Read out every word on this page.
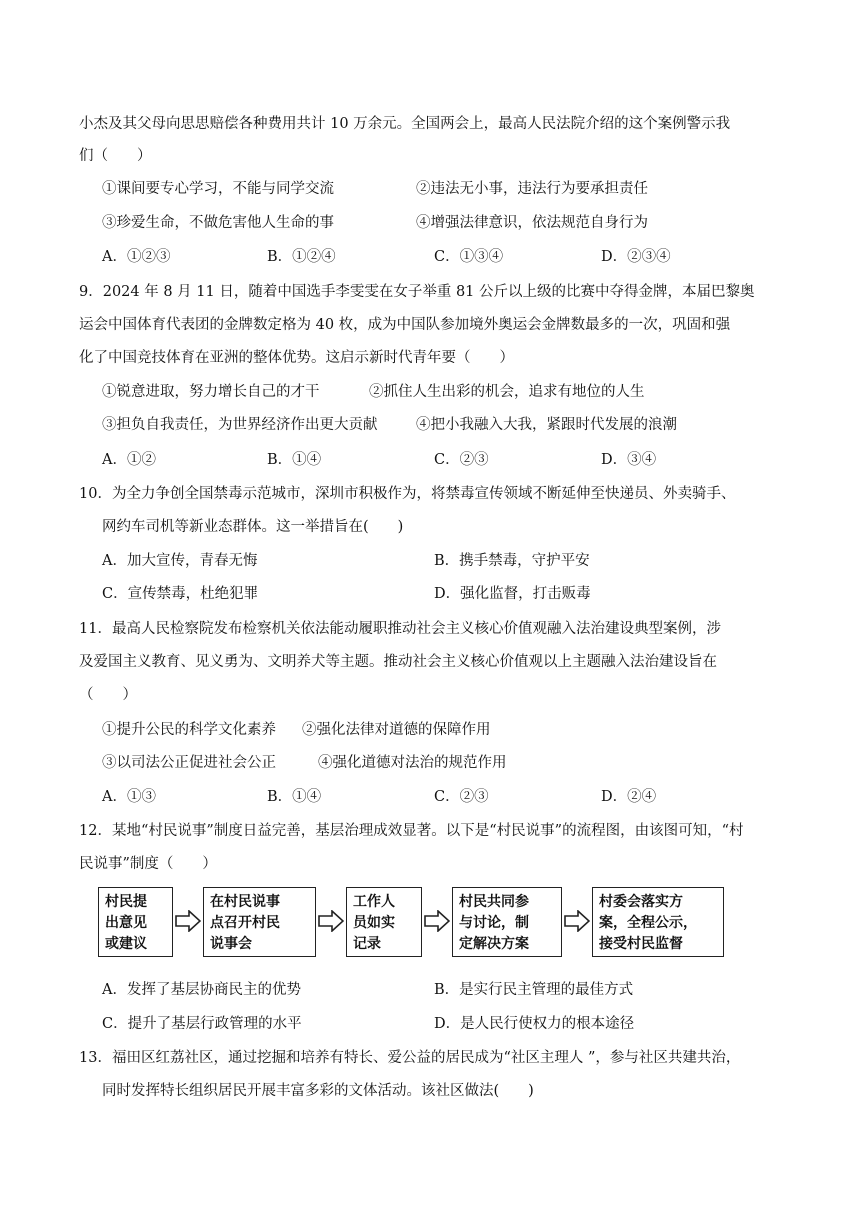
小杰及其父母向思思赔偿各种费用共计 10 万余元。全国两会上，最高人民法院介绍的这个案例警示我
们（　　）
①课间要专心学习，不能与同学交流	②违法无小事，违法行为要承担责任
③珍爱生命，不做危害他人生命的事	④增强法律意识，依法规范自身行为
A．①②③	B．①②④	C．①③④	D．②③④
9．2024 年 8 月 11 日，随着中国选手李雯雯在女子举重 81 公斤以上级的比赛中夺得金牌，本届巴黎奥
运会中国体育代表团的金牌数定格为 40 枚，成为中国队参加境外奥运会金牌数最多的一次，巩固和强
化了中国竞技体育在亚洲的整体优势。这启示新时代青年要（　　）
①锐意进取，努力增长自己的才干	②抓住人生出彩的机会，追求有地位的人生
③担负自我责任，为世界经济作出更大贡献	④把小我融入大我，紧跟时代发展的浪潮
A．①②	B．①④	C．②③	D．③④
10．为全力争创全国禁毒示范城市，深圳市积极作为，将禁毒宣传领域不断延伸至快递员、外卖骑手、
网约车司机等新业态群体。这一举措旨在(　　)
A．加大宣传，青春无悔	B．携手禁毒，守护平安
C．宣传禁毒，杜绝犯罪	D．强化监督，打击贩毒
11．最高人民检察院发布检察机关依法能动履职推动社会主义核心价值观融入法治建设典型案例，涉
及爱国主义教育、见义勇为、文明养犬等主题。推动社会主义核心价值观以上主题融入法治建设旨在
（　　）
①提升公民的科学文化素养 ②强化法律对道德的保障作用
③以司法公正促进社会公正	④强化道德对法治的规范作用
A．①③	B．①④	C．②③	D．②④
12．某地“村民说事”制度日益完善，基层治理成效显著。以下是“村民说事”的流程图，由该图可知，“村
民说事”制度（　　）
村民提
出意见
或建议
在村民说事
点召开村民
说事会
工作人
员如实
记录
村民共同参
与讨论，制
定解决方案
村委会落实方
案，全程公示，
接受村民监督
A．发挥了基层协商民主的优势	B．是实行民主管理的最佳方式
C．提升了基层行政管理的水平	D．是人民行使权力的根本途径
13．福田区红荔社区，通过挖掘和培养有特长、爱公益的居民成为“社区主理人 ”，参与社区共建共治，
同时发挥特长组织居民开展丰富多彩的文体活动。该社区做法(　　)
